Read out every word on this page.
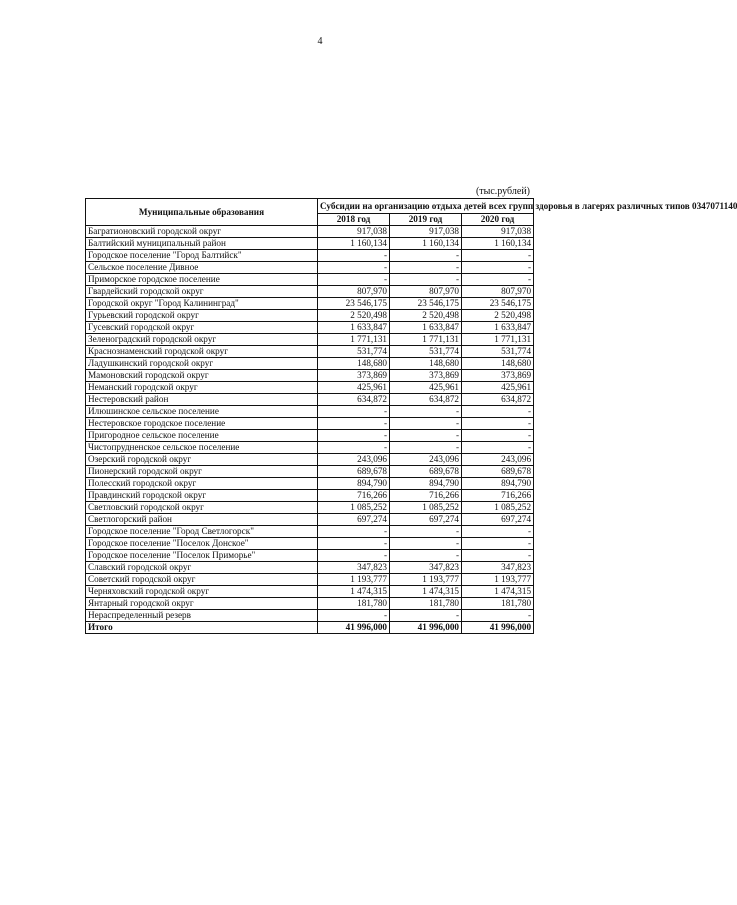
4
(тыс.рублей)
Муниципальные образования	Субсидии на организацию отдыха детей всех групп здоровья в лагерях различных типов 0347071140		
	2018 год	2019 год	2020 год
Багратионовский городской округ	917,038	917,038	917,038
Балтийский муниципальный район	1 160,134	1 160,134	1 160,134
Городское поселение "Город Балтийск"	-	-	-
Сельское поселение Дивное	-	-	-
Приморское городское поселение	-	-	-
Гвардейский городской округ	807,970	807,970	807,970
Городской округ "Город Калининград"	23 546,175	23 546,175	23 546,175
Гурьевский городской округ	2 520,498	2 520,498	2 520,498
Гусевский городской округ	1 633,847	1 633,847	1 633,847
Зеленоградский городской округ	1 771,131	1 771,131	1 771,131
Краснознаменский городской округ	531,774	531,774	531,774
Ладушкинский городской округ	148,680	148,680	148,680
Мамоновский городской округ	373,869	373,869	373,869
Неманский городской округ	425,961	425,961	425,961
Нестеровский район	634,872	634,872	634,872
Илюшинское сельское поселение	-	-	-
Нестеровское городское поселение	-	-	-
Пригородное сельское поселение	-	-	-
Чистопрудненское сельское поселение	-	-	-
Озерский городской округ	243,096	243,096	243,096
Пионерский городской округ	689,678	689,678	689,678
Полесский городской округ	894,790	894,790	894,790
Правдинский городской округ	716,266	716,266	716,266
Светловский городской округ	1 085,252	1 085,252	1 085,252
Светлогорский район	697,274	697,274	697,274
Городское поселение "Город Светлогорск"	-	-	-
Городское поселение "Поселок Донское"	-	-	-
Городское поселение "Поселок Приморье"	-	-	-
Славский городской округ	347,823	347,823	347,823
Советский городской округ	1 193,777	1 193,777	1 193,777
Черняховский городской округ	1 474,315	1 474,315	1 474,315
Янтарный городской округ	181,780	181,780	181,780
Нераспределенный резерв	-	-	-
Итого	41 996,000	41 996,000	41 996,000
